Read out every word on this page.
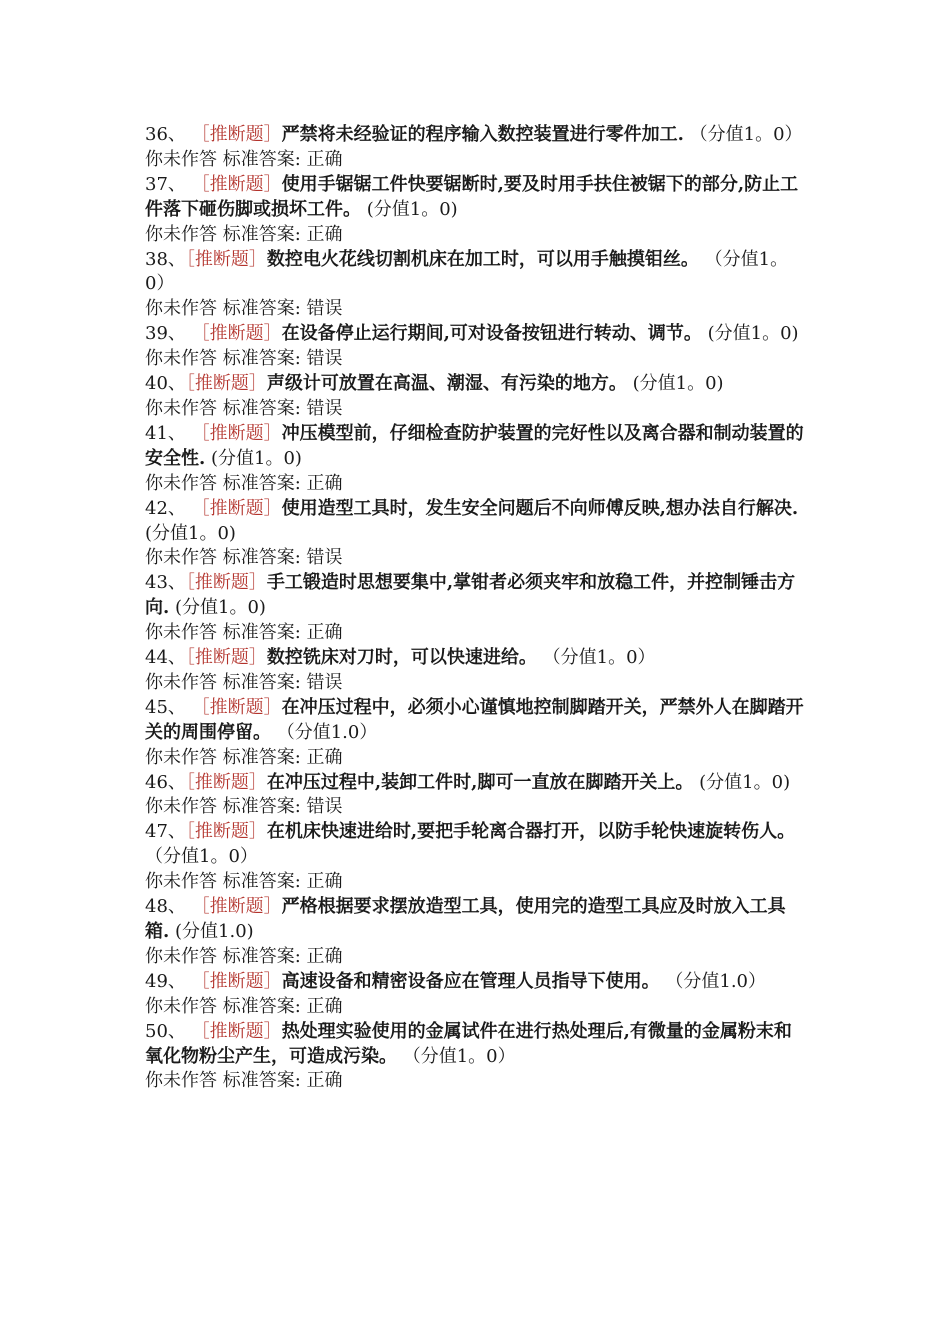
36、 ［推断题］严禁将未经验证的程序输入数控装置进行零件加工. （分值1。0）

你未作答 标准答案: 正确

37、 ［推断题］使用手锯锯工件快要锯断时,要及时用手扶住被锯下的部分,防止工件落下砸伤脚或损坏工件。 (分值1。0)

你未作答 标准答案: 正确

38、［推断题］数控电火花线切割机床在加工时，可以用手触摸钼丝。 （分值1。0）

你未作答 标准答案: 错误

39、 ［推断题］在设备停止运行期间,可对设备按钮进行转动、调节。 (分值1。0)

你未作答 标准答案: 错误

40、［推断题］声级计可放置在高温、潮湿、有污染的地方。 (分值1。0)

你未作答 标准答案: 错误

41、 ［推断题］冲压模型前，仔细检查防护装置的完好性以及离合器和制动装置的安全性. (分值1。0)

你未作答 标准答案: 正确

42、 ［推断题］使用造型工具时，发生安全问题后不向师傅反映,想办法自行解决. (分值1。0)

你未作答 标准答案: 错误

43、［推断题］手工锻造时思想要集中,掌钳者必须夹牢和放稳工件，并控制锤击方向. (分值1。0)

你未作答 标准答案: 正确

44、［推断题］数控铣床对刀时，可以快速进给。 （分值1。0）

你未作答 标准答案: 错误

45、 ［推断题］在冲压过程中，必须小心谨慎地控制脚踏开关，严禁外人在脚踏开关的周围停留。 （分值1.0）

你未作答 标准答案: 正确

46、［推断题］在冲压过程中,装卸工件时,脚可一直放在脚踏开关上。 (分值1。0)

你未作答 标准答案: 错误

47、［推断题］在机床快速进给时,要把手轮离合器打开，以防手轮快速旋转伤人。 （分值1。0）

你未作答 标准答案: 正确

48、 ［推断题］严格根据要求摆放造型工具，使用完的造型工具应及时放入工具箱. (分值1.0)

你未作答 标准答案: 正确

49、 ［推断题］高速设备和精密设备应在管理人员指导下使用。 （分值1.0）

你未作答 标准答案: 正确

50、 ［推断题］热处理实验使用的金属试件在进行热处理后,有微量的金属粉末和氧化物粉尘产生，可造成污染。 （分值1。0）

你未作答 标准答案: 正确
